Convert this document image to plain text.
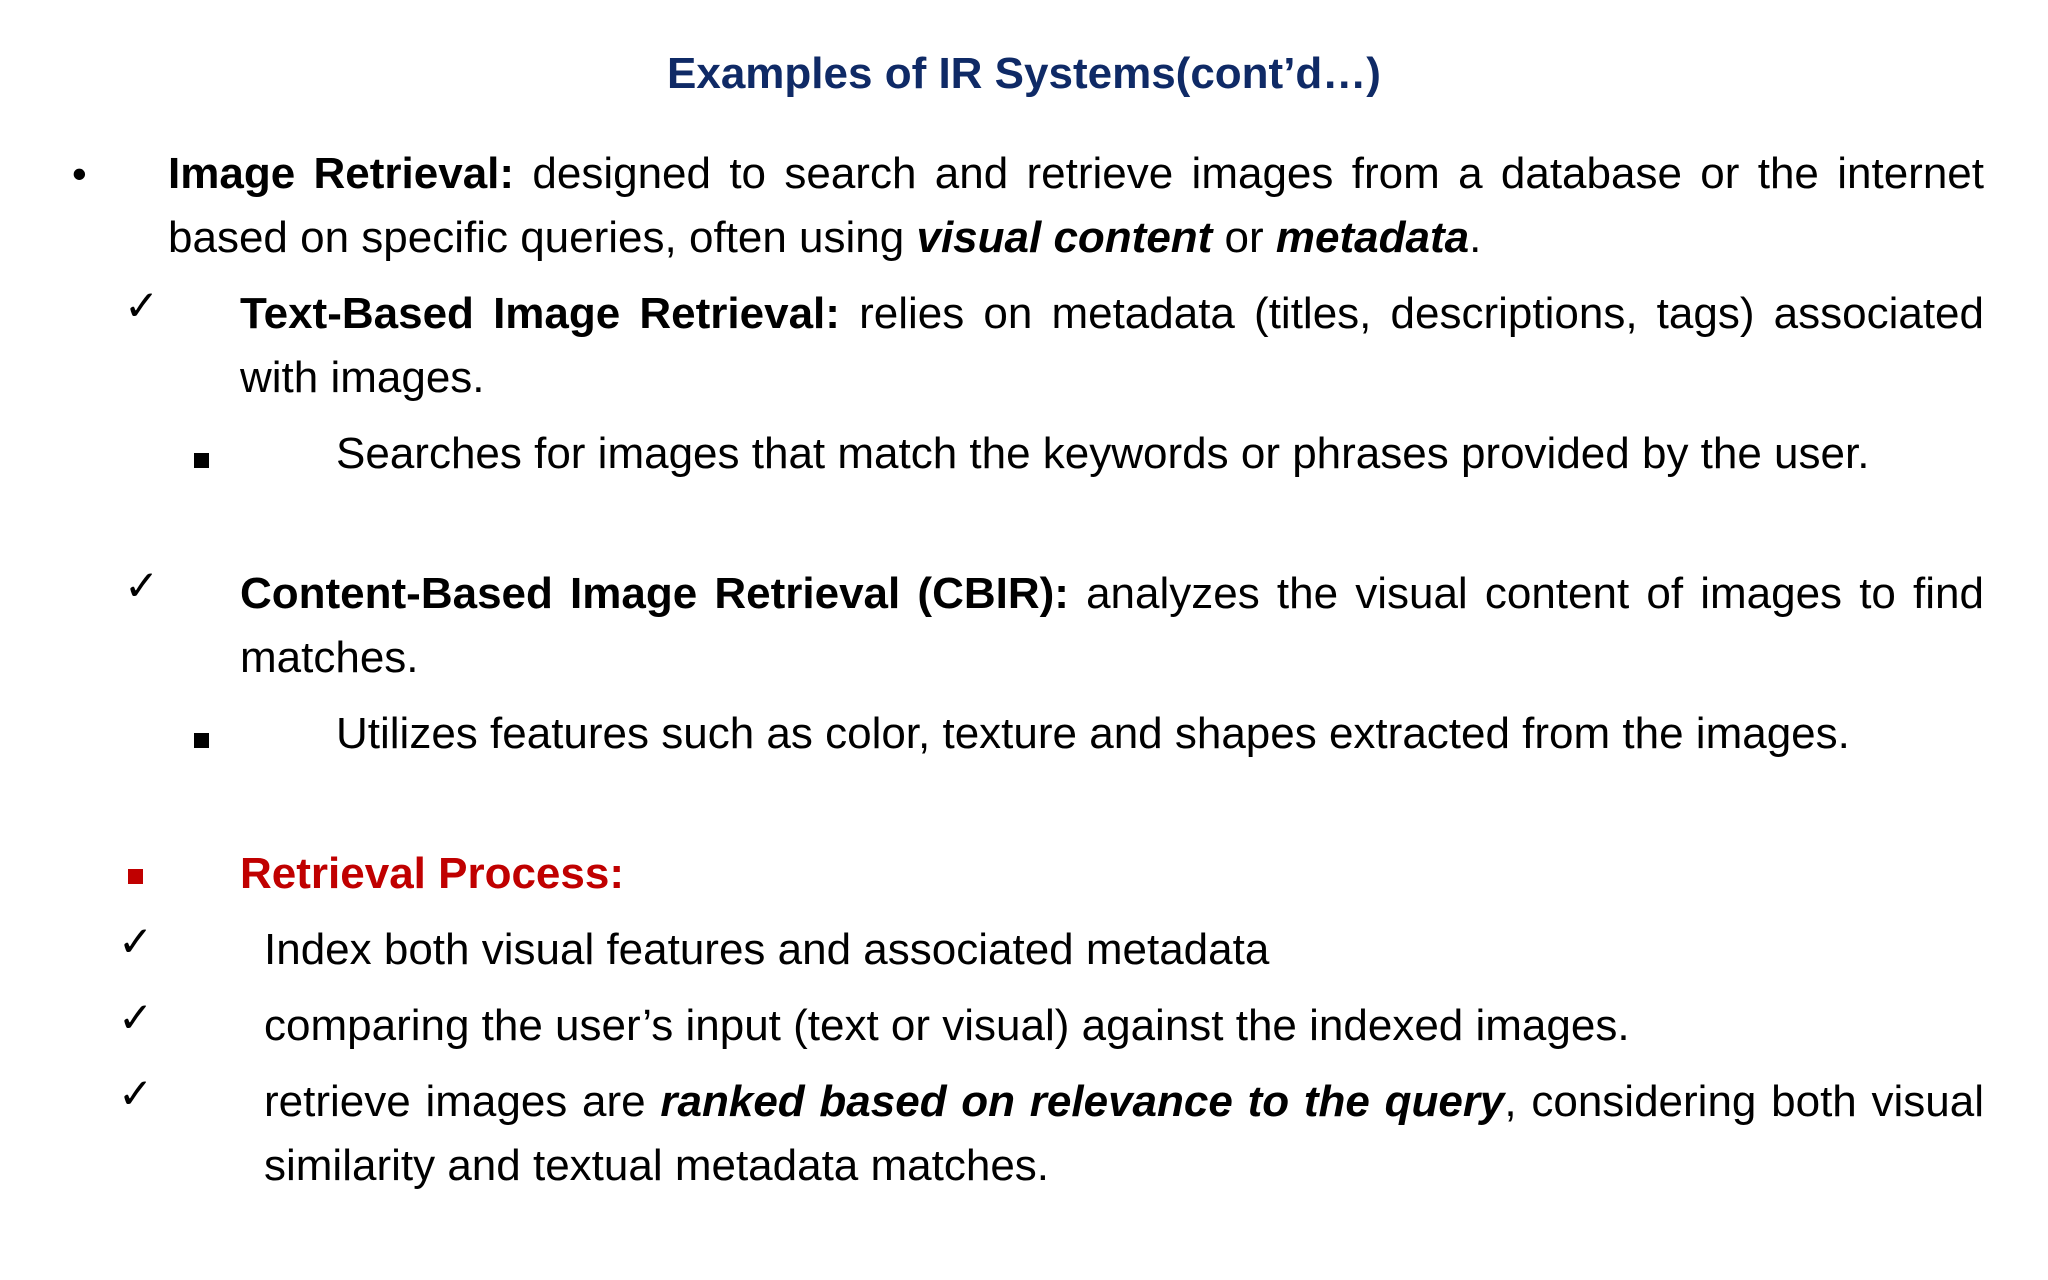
Examples of IR Systems(cont’d…)
• Image Retrieval: designed to search and retrieve images from a database or the internet based on specific queries, often using visual content or metadata.
✓ Text-Based Image Retrieval: relies on metadata (titles, descriptions, tags) associated with images.
Searches for images that match the keywords or phrases provided by the user.
✓ Content-Based Image Retrieval (CBIR): analyzes the visual content of images to find matches.
Utilizes features such as color, texture and shapes extracted from the images.
Retrieval Process:
✓	Index both visual features and associated metadata
✓	comparing the user’s input (text or visual) against the indexed images.
✓	retrieve images are ranked based on relevance to the query, considering both visual similarity and textual metadata matches.
